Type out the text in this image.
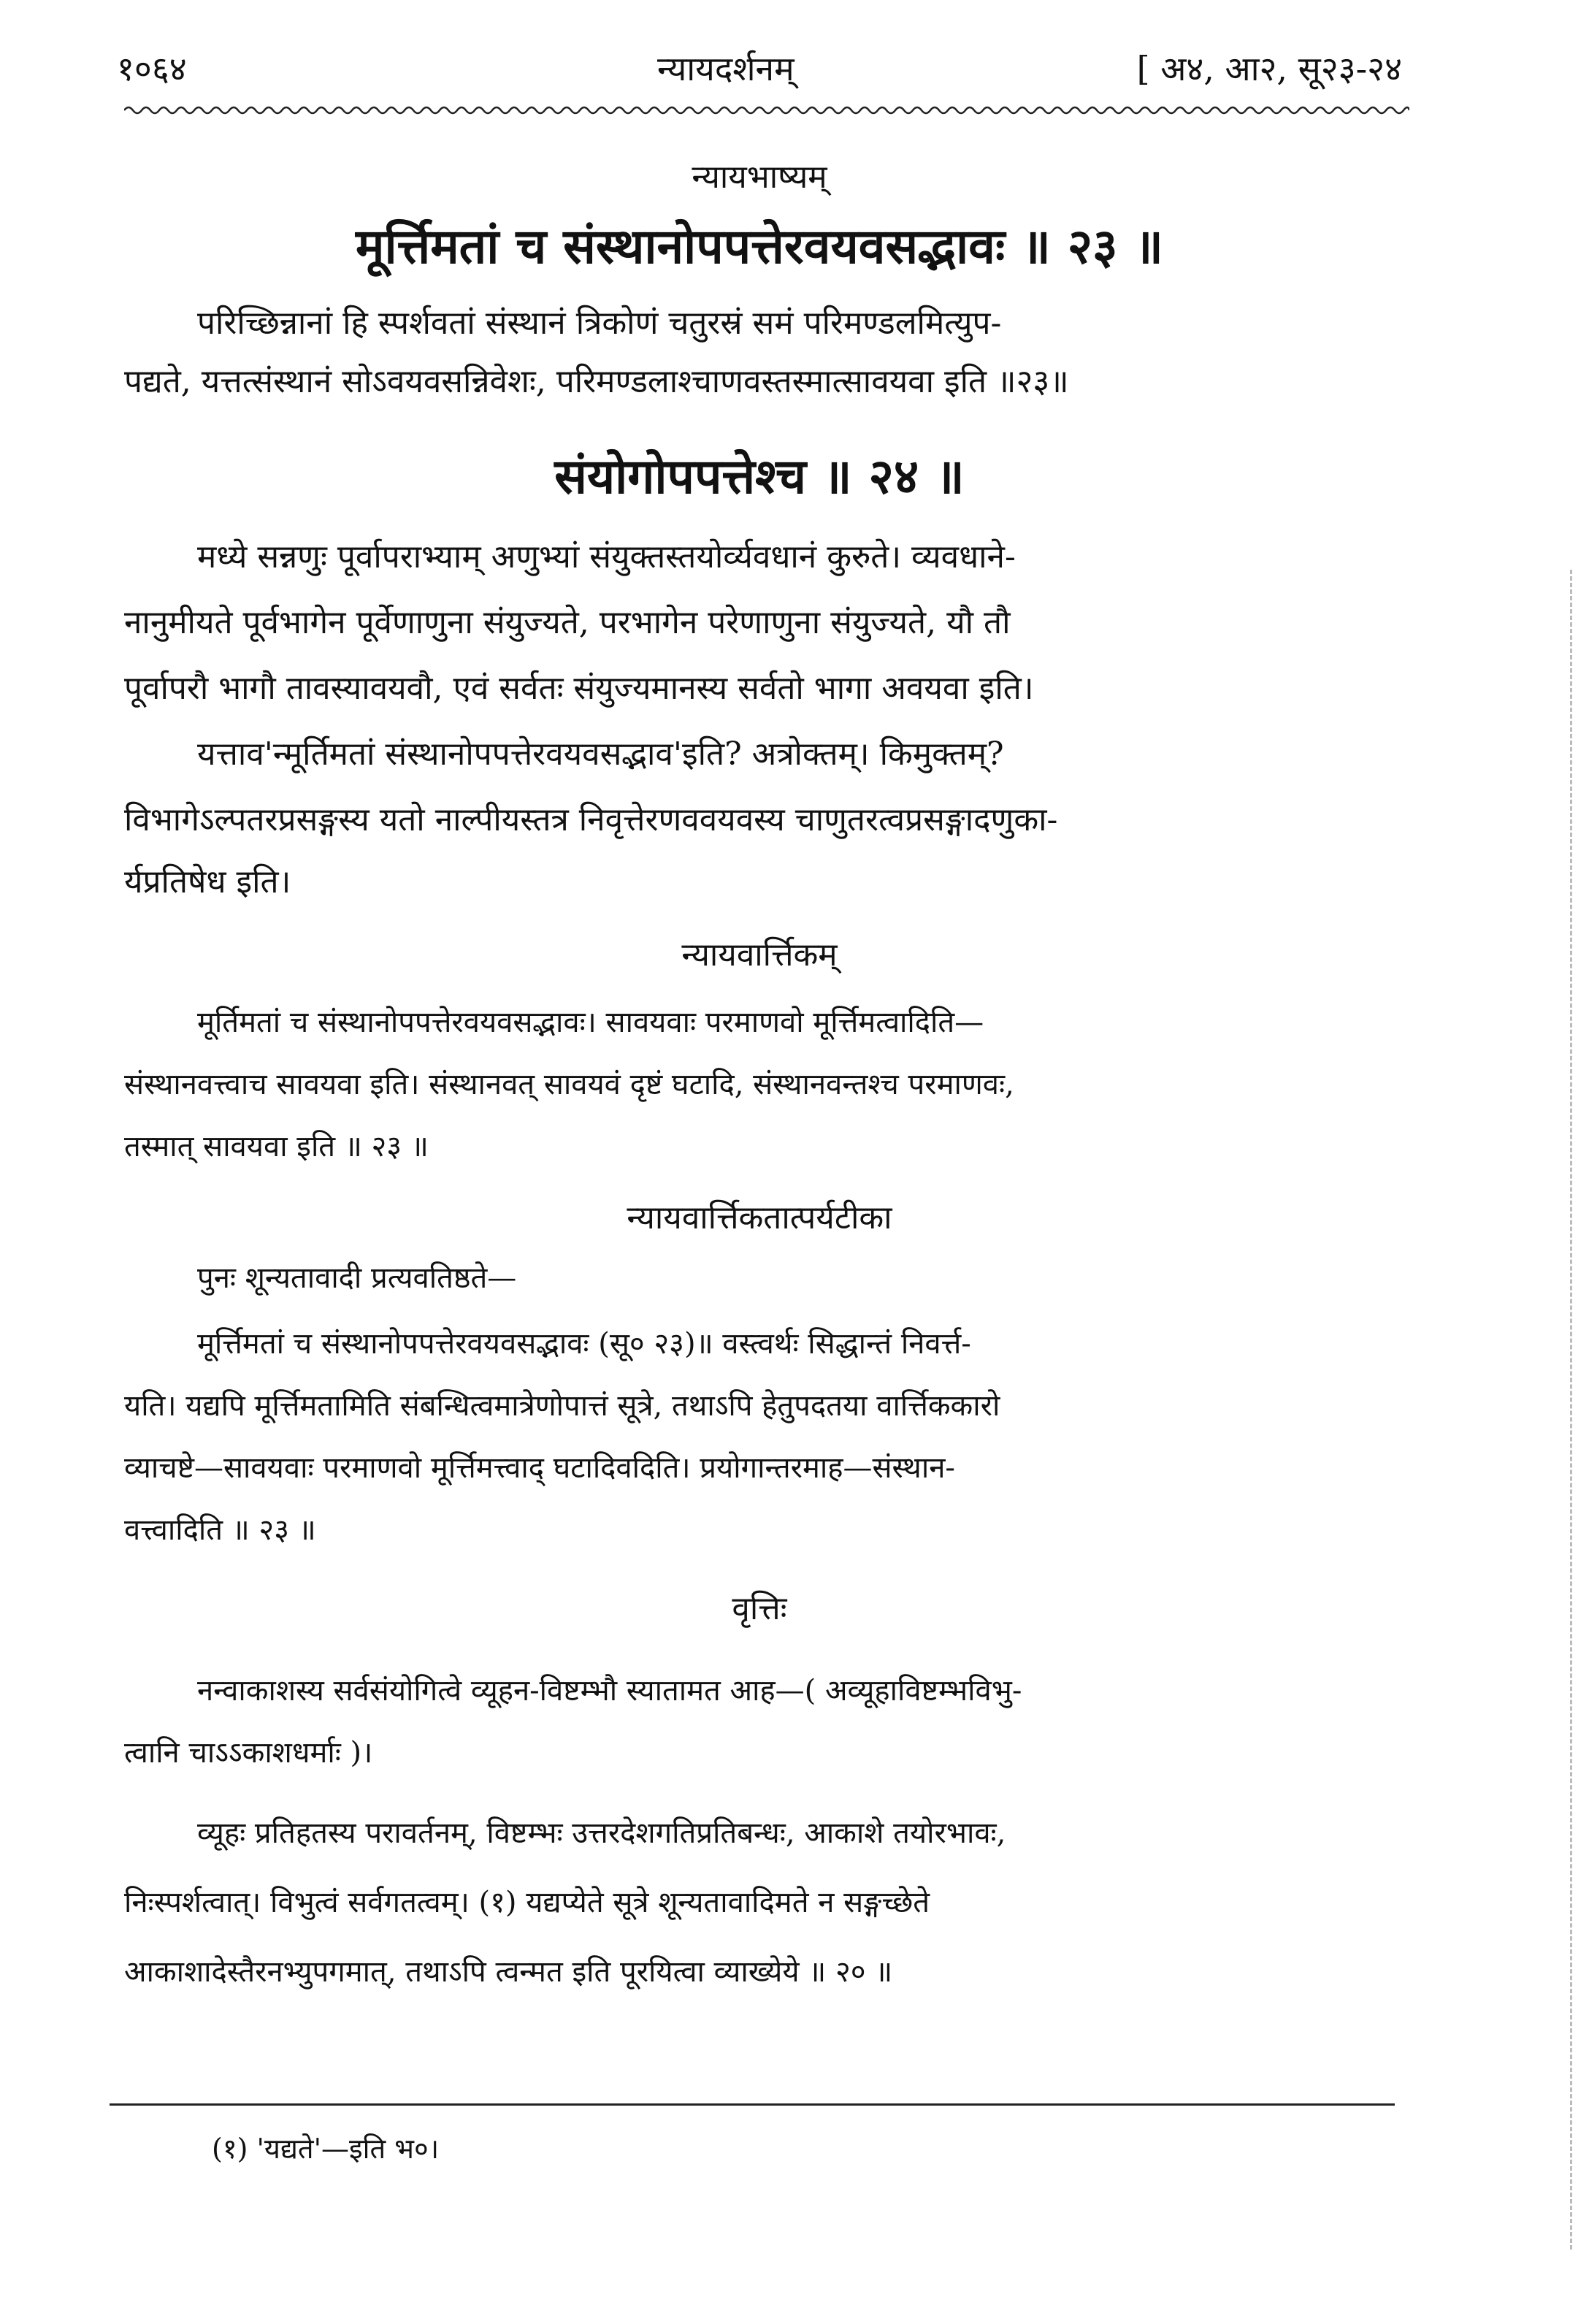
१०६४	न्यायदर्शनम्	[ अ४, आ२, सू२३-२४
न्यायभाष्यम्
मूर्त्तिमतां च संस्थानोपपत्तेरवयवसद्भावः ॥ २३ ॥
परिच्छिन्नानां हि स्पर्शवतां संस्थानं त्रिकोणं चतुरस्रं समं परिमण्डलमित्युप-
पद्यते, यत्तत्संस्थानं सोऽवयवसन्निवेशः, परिमण्डलाश्चाणवस्तस्मात्सावयवा इति ॥२३॥
संयोगोपपत्तेश्च ॥ २४ ॥
मध्ये सन्नणुः पूर्वापराभ्याम् अणुभ्यां संयुक्तस्तयोर्व्यवधानं कुरुते। व्यवधाने-
नानुमीयते पूर्वभागेन पूर्वेणाणुना संयुज्यते, परभागेन परेणाणुना संयुज्यते, यौ तौ
पूर्वापरौ भागौ तावस्यावयवौ, एवं सर्वतः संयुज्यमानस्य सर्वतो भागा अवयवा इति।
यत्ताव'न्मूर्तिमतां संस्थानोपपत्तेरवयवसद्भाव'इति? अत्रोक्तम्। किमुक्तम्?
विभागेऽल्पतरप्रसङ्गस्य यतो नाल्पीयस्तत्र निवृत्तेरणववयवस्य चाणुतरत्वप्रसङ्गादणुका-
र्यप्रतिषेध इति।
न्यायवार्त्तिकम्
मूर्तिमतां च संस्थानोपपत्तेरवयवसद्भावः। सावयवाः परमाणवो मूर्त्तिमत्वादिति—
संस्थानवत्त्वाच सावयवा इति। संस्थानवत् सावयवं दृष्टं घटादि, संस्थानवन्तश्च परमाणवः,
तस्मात् सावयवा इति ॥ २३ ॥
न्यायवार्त्तिकतात्पर्यटीका
पुनः शून्यतावादी प्रत्यवतिष्ठते—
मूर्त्तिमतां च संस्थानोपपत्तेरवयवसद्भावः (सू० २३)॥ वस्त्वर्थः सिद्धान्तं निवर्त्त-
यति। यद्यपि मूर्त्तिमतामिति संबन्धित्वमात्रेणोपात्तं सूत्रे, तथाऽपि हेतुपदतया वार्त्तिककारो
व्याचष्टे—सावयवाः परमाणवो मूर्त्तिमत्त्वाद् घटादिवदिति। प्रयोगान्तरमाह—संस्थान-
वत्त्वादिति ॥ २३ ॥
वृत्तिः
नन्वाकाशस्य सर्वसंयोगित्वे व्यूहन-विष्टम्भौ स्यातामत आह—( अव्यूहाविष्टम्भविभु-
त्वानि चाऽऽकाशधर्माः )।
व्यूहः प्रतिहतस्य परावर्तनम्, विष्टम्भः उत्तरदेशगतिप्रतिबन्धः, आकाशे तयोरभावः,
निःस्पर्शत्वात्। विभुत्वं सर्वगतत्वम्। (१) यद्यप्येते सूत्रे शून्यतावादिमते न सङ्गच्छेते
आकाशादेस्तैरनभ्युपगमात्, तथाऽपि त्वन्मत इति पूरयित्वा व्याख्येये ॥ २० ॥
(१) 'यद्यते'—इति भ०।
